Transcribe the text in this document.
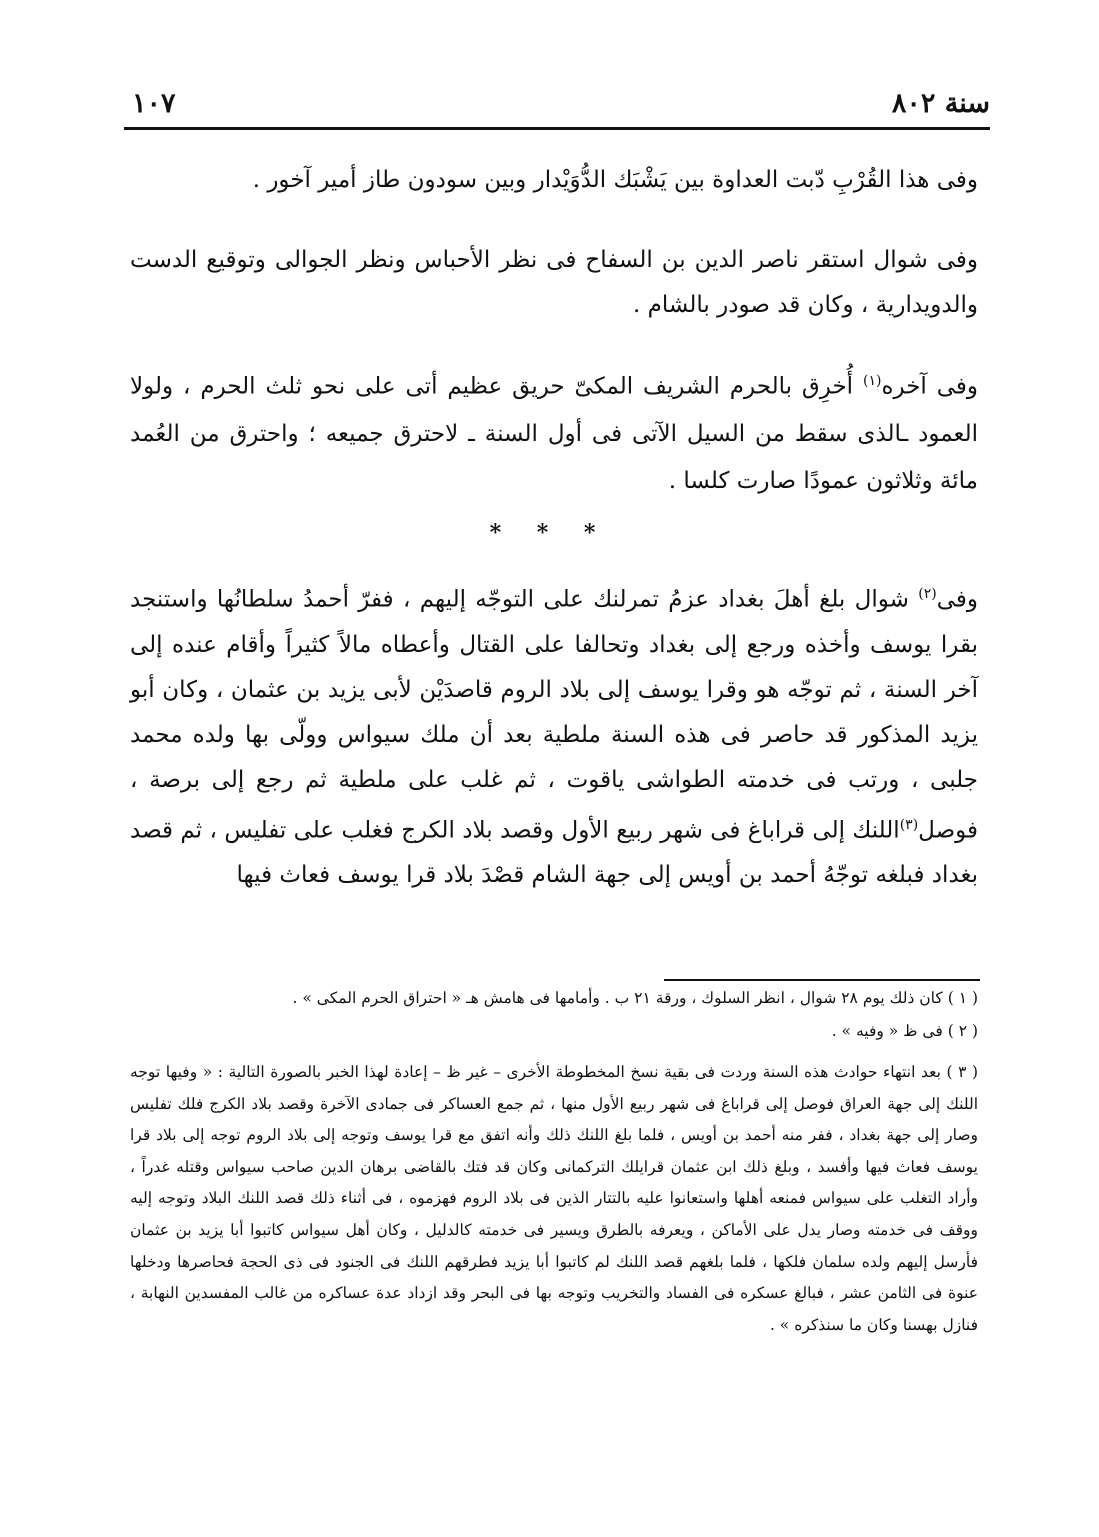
سنة ٨٠٢
١٠٧

وفى هذا القُرْبِ دّبت العداوة بين يَشْبَك الدُّوَيْدار وبين سودون طاز أمير آخور .

وفى شوال استقر ناصر الدين بن السفاح فى نظر الأحباس ونظر الجوالى وتوقيع الدست والدويدارية ، وكان قد صودر بالشام .

وفى آخره$^{(١)}$ أُخرِق بالحرم الشريف المكىّ حريق عظيم أتى على نحو ثلث الحرم ، ولولا العمود ـالذى سقط من السيل الآتى فى أول السنة ـ لاحترق جميعه ؛ واحترق من العُمد مائة وثلاثون عمودًا صارت كلسا .

* * *

وفى$^{(٢)}$ شوال بلغ أهلَ بغداد عزمُ تمرلنك على التوجّه إليهم ، ففرّ أحمدُ سلطانُها واستنجد بقرا يوسف وأخذه ورجع إلى بغداد وتحالفا على القتال وأعطاه مالاً كثيراً وأقام عنده إلى آخر السنة ، ثم توجّه هو وقرا يوسف إلى بلاد الروم قاصدَيْن لأبى يزيد بن عثمان ، وكان أبو يزيد المذكور قد حاصر فى هذه السنة ملطية بعد أن ملك سيواس وولّى بها ولده محمد جلبى ، ورتب فى خدمته الطواشى ياقوت ، ثم غلب على ملطية ثم رجع إلى برصة ، فوصل$^{(٣)}$اللنك إلى قراباغ فى شهر ربيع الأول وقصد بلاد الكرج فغلب على تفليس ، ثم قصد بغداد فبلغه توجّهُ أحمد بن أويس إلى جهة الشام قصْدَ بلاد قرا يوسف فعاث فيها

( ١ ) كان ذلك يوم ٢٨ شوال ، انظر السلوك ، ورقة ٢١ ب . وأمامها فى هامش هـ « احتراق الحرم المكى » .

( ٢ ) فى ظ « وفيه » .

( ٣ ) بعد انتهاء حوادث هذه السنة وردت فى بقية نسخ المخطوطة الأخرى – غير ظ – إعادة لهذا الخبر بالصورة التالية : « وفيها توجه اللنك إلى جهة العراق فوصل إلى قراباغ فى شهر ربيع الأول منها ، ثم جمع العساكر فى جمادى الآخرة وقصد بلاد الكرج فلك تفليس وصار إلى جهة بغداد ، ففر منه أحمد بن أويس ، فلما بلغ اللنك ذلك وأنه اتفق مع قرا يوسف وتوجه إلى بلاد الروم توجه إلى بلاد قرا يوسف فعاث فيها وأفسد ، وبلغ ذلك ابن عثمان قرايلك التركمانى وكان قد فتك بالقاضى برهان الدين صاحب سيواس وقتله غدراً ، وأراد التغلب على سيواس فمنعه أهلها واستعانوا عليه بالتتار الذين فى بلاد الروم فهزموه ، فى أثناء ذلك قصد اللنك البلاد وتوجه إليه ووقف فى خدمته وصار يدل على الأماكن ، ويعرفه بالطرق ويسير فى خدمته كالدليل ، وكان أهل سيواس كاتبوا أبا يزيد بن عثمان فأرسل إليهم ولده سلمان فلكها ، فلما بلغهم قصد اللنك لم كاتبوا أبا يزيد فطرقهم اللنك فى الجنود فى ذى الحجة فحاصرها ودخلها عنوة فى الثامن عشر ، فبالغ عسكره فى الفساد والتخريب وتوجه بها فى البحر وقد ازداد عدة عساكره من غالب المفسدين النهابة ، فنازل بهسنا وكان ما سنذكره » .
